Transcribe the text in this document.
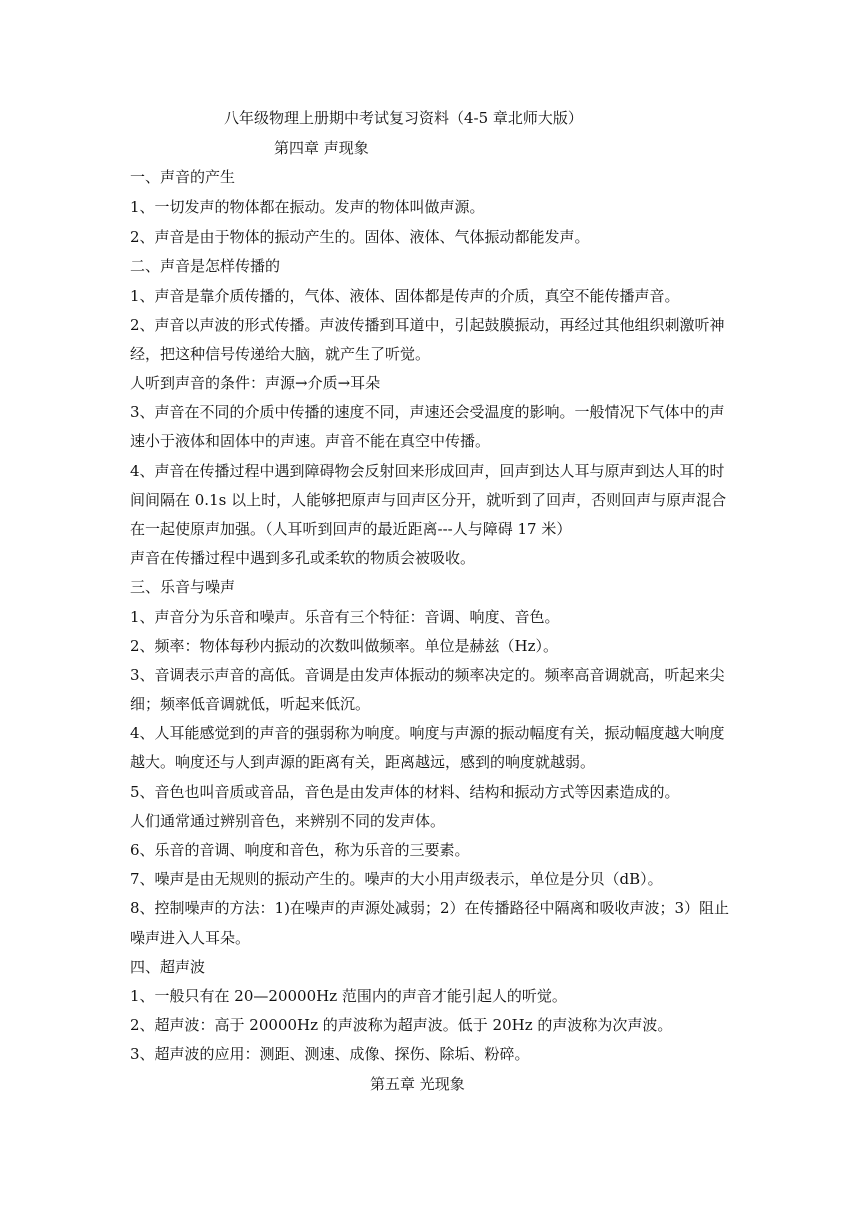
八年级物理上册期中考试复习资料（4-5 章北师大版）
第四章 声现象
一、声音的产生
1、一切发声的物体都在振动。发声的物体叫做声源。
2、声音是由于物体的振动产生的。固体、液体、气体振动都能发声。
二、声音是怎样传播的
1、声音是靠介质传播的，气体、液体、固体都是传声的介质，真空不能传播声音。
2、声音以声波的形式传播。声波传播到耳道中，引起鼓膜振动，再经过其他组织刺激听神
经，把这种信号传递给大脑，就产生了听觉。
人听到声音的条件：声源→介质→耳朵
3、声音在不同的介质中传播的速度不同，声速还会受温度的影响。一般情况下气体中的声
速小于液体和固体中的声速。声音不能在真空中传播。
4、声音在传播过程中遇到障碍物会反射回来形成回声，回声到达人耳与原声到达人耳的时
间间隔在 0.1s 以上时，人能够把原声与回声区分开，就听到了回声，否则回声与原声混合
在一起使原声加强。（人耳听到回声的最近距离---人与障碍 17 米）
声音在传播过程中遇到多孔或柔软的物质会被吸收。
三、乐音与噪声
1、声音分为乐音和噪声。乐音有三个特征：音调、响度、音色。
2、频率：物体每秒内振动的次数叫做频率。单位是赫兹（Hz）。
3、音调表示声音的高低。音调是由发声体振动的频率决定的。频率高音调就高，听起来尖
细；频率低音调就低，听起来低沉。
4、人耳能感觉到的声音的强弱称为响度。响度与声源的振动幅度有关，振动幅度越大响度
越大。响度还与人到声源的距离有关，距离越远，感到的响度就越弱。
5、音色也叫音质或音品，音色是由发声体的材料、结构和振动方式等因素造成的。
人们通常通过辨别音色，来辨别不同的发声体。
6、乐音的音调、响度和音色，称为乐音的三要素。
7、噪声是由无规则的振动产生的。噪声的大小用声级表示，单位是分贝（dB）。
8、控制噪声的方法：1)在噪声的声源处减弱；2）在传播路径中隔离和吸收声波；3）阻止
噪声进入人耳朵。
四、超声波
1、一般只有在 20—20000Hz 范围内的声音才能引起人的听觉。
2、超声波：高于 20000Hz 的声波称为超声波。低于 20Hz 的声波称为次声波。
3、超声波的应用：测距、测速、成像、探伤、除垢、粉碎。
第五章 光现象
